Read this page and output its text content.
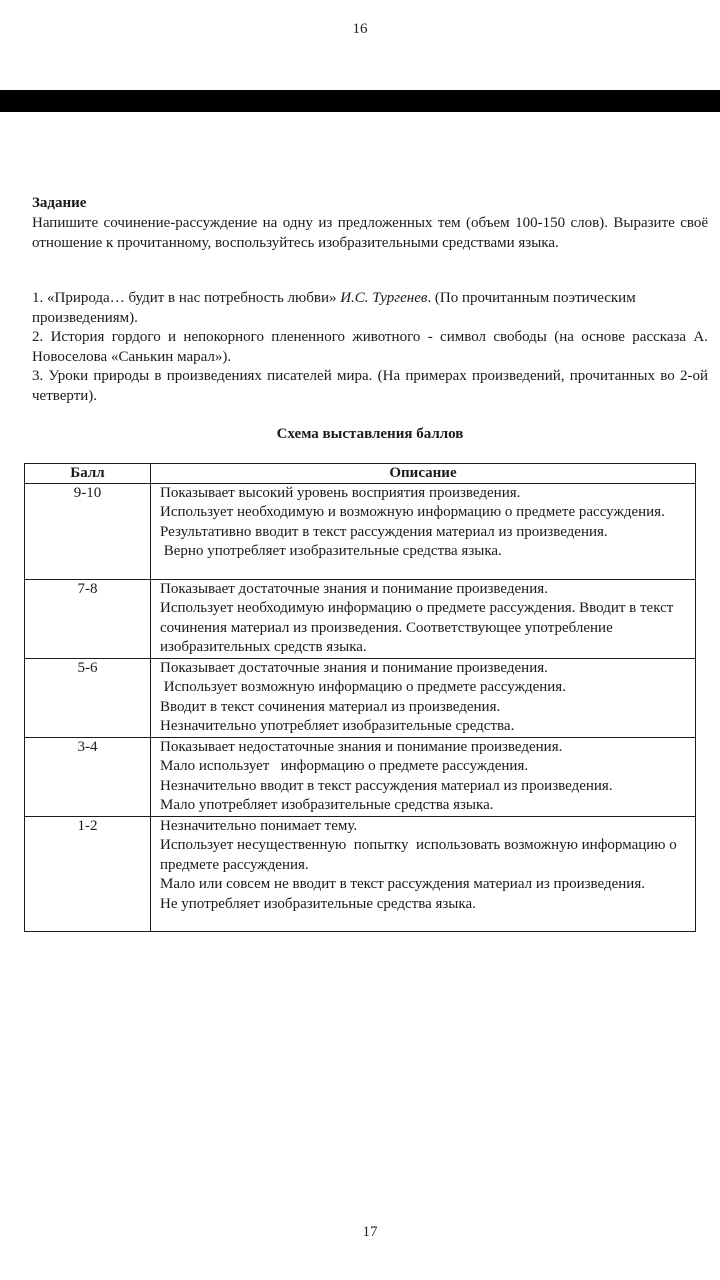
16
Задание
Напишите сочинение-рассуждение на одну из предложенных тем (объем 100-150 слов). Выразите своё отношение к прочитанному, воспользуйтесь изобразительными средствами языка.
1. «Природа… будит в нас потребность любви» И.С. Тургенев. (По прочитанным поэтическим произведениям).
2. История гордого и непокорного плененного животного - символ свободы (на основе рассказа А. Новоселова «Санькин марал»).
3. Уроки природы в произведениях писателей мира. (На примерах произведений, прочитанных во 2-ой четверти).
Схема выставления баллов
Балл	Описание
9-10	Показывает высокий уровень восприятия произведения.
Использует необходимую и возможную информацию о предмете рассуждения.
Результативно вводит в текст рассуждения материал из произведения.
Верно употребляет изобразительные средства языка.

7-8	Показывает достаточные знания и понимание произведения.
Использует необходимую информацию о предмете рассуждения. Вводит в текст сочинения материал из произведения. Соответствующее употребление изобразительных средств языка.

5-6	Показывает достаточные знания и понимание произведения.
Использует возможную информацию о предмете рассуждения.
Вводит в текст сочинения материал из произведения.
Незначительно употребляет изобразительные средства.

3-4	Показывает недостаточные знания и понимание произведения.
Мало использует   информацию о предмете рассуждения.
Незначительно вводит в текст рассуждения материал из произведения.
Мало употребляет изобразительные средства языка.

1-2	Незначительно понимает тему.
Использует несущественную  попытку  использовать возможную информацию о предмете рассуждения.
Мало или совсем не вводит в текст рассуждения материал из произведения.
Не употребляет изобразительные средства языка.
17
